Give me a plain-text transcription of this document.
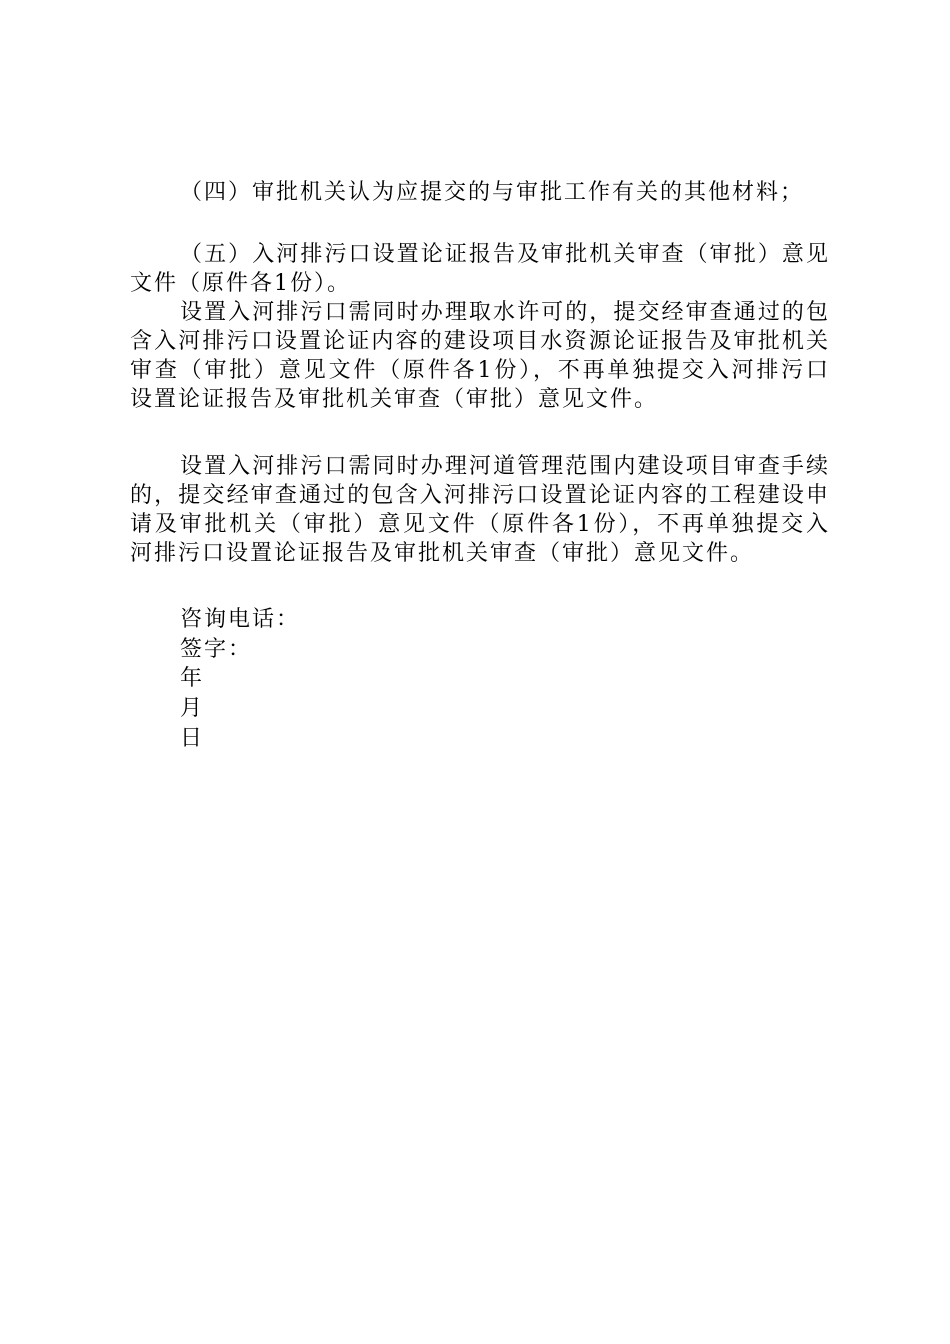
（四）审批机关认为应提交的与审批工作有关的其他材料；

（五）入河排污口设置论证报告及审批机关审查（审批）意见文件（原件各1份）。

设置入河排污口需同时办理取水许可的，提交经审查通过的包含入河排污口设置论证内容的建设项目水资源论证报告及审批机关审查（审批）意见文件（原件各1份），不再单独提交入河排污口设置论证报告及审批机关审查（审批）意见文件。

设置入河排污口需同时办理河道管理范围内建设项目审查手续的，提交经审查通过的包含入河排污口设置论证内容的工程建设申请及审批机关（审批）意见文件（原件各1份），不再单独提交入河排污口设置论证报告及审批机关审查（审批）意见文件。

咨询电话：

签字：

年

月

日
